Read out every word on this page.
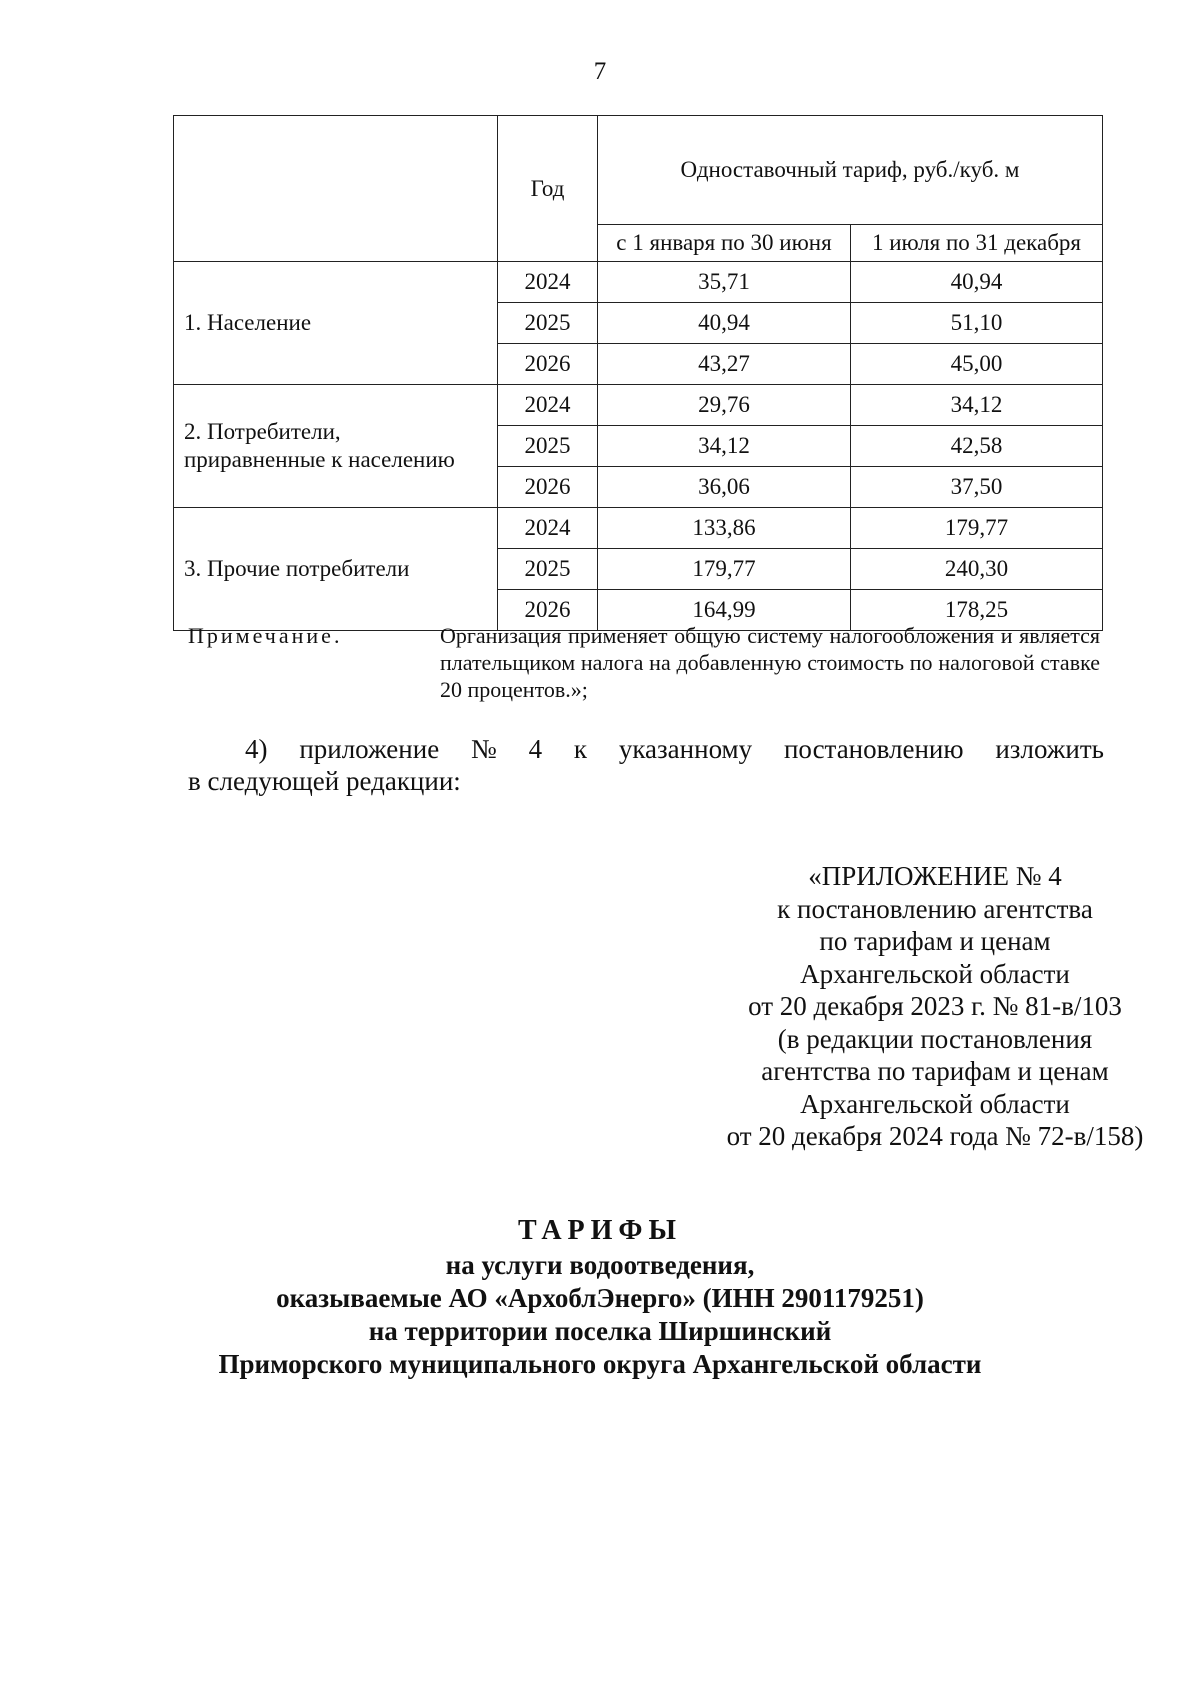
7
	Год	Одноставочный тариф, руб./куб. м	
		с 1 января по 30 июня	1 июля по 31 декабря
1. Население	2024	35,71	40,94
	2025	40,94	51,10
	2026	43,27	45,00

2. Потребители,
приравненные к населению	2024	29,76	34,12
	2025	34,12	42,58
	2026	36,06	37,50
3. Прочие потребители	2024	133,86	179,77
	2025	179,77	240,30
	2026	164,99	178,25
Примечание.	Организация применяет общую систему налогообложения и является плательщиком налога на добавленную стоимость по налоговой ставке 20 процентов.»;
4) приложение № 4 к указанному постановлению изложить
в следующей редакции:
«ПРИЛОЖЕНИЕ № 4
к постановлению агентства
по тарифам и ценам
Архангельской области
от 20 декабря 2023 г. № 81-в/103
(в редакции постановления
агентства по тарифам и ценам
Архангельской области
от 20 декабря 2024 года № 72-в/158)
ТАРИФЫ
на услуги водоотведения,
оказываемые АО «АрхоблЭнерго» (ИНН 2901179251)
на территории поселка Ширшинский
Приморского муниципального округа Архангельской области
